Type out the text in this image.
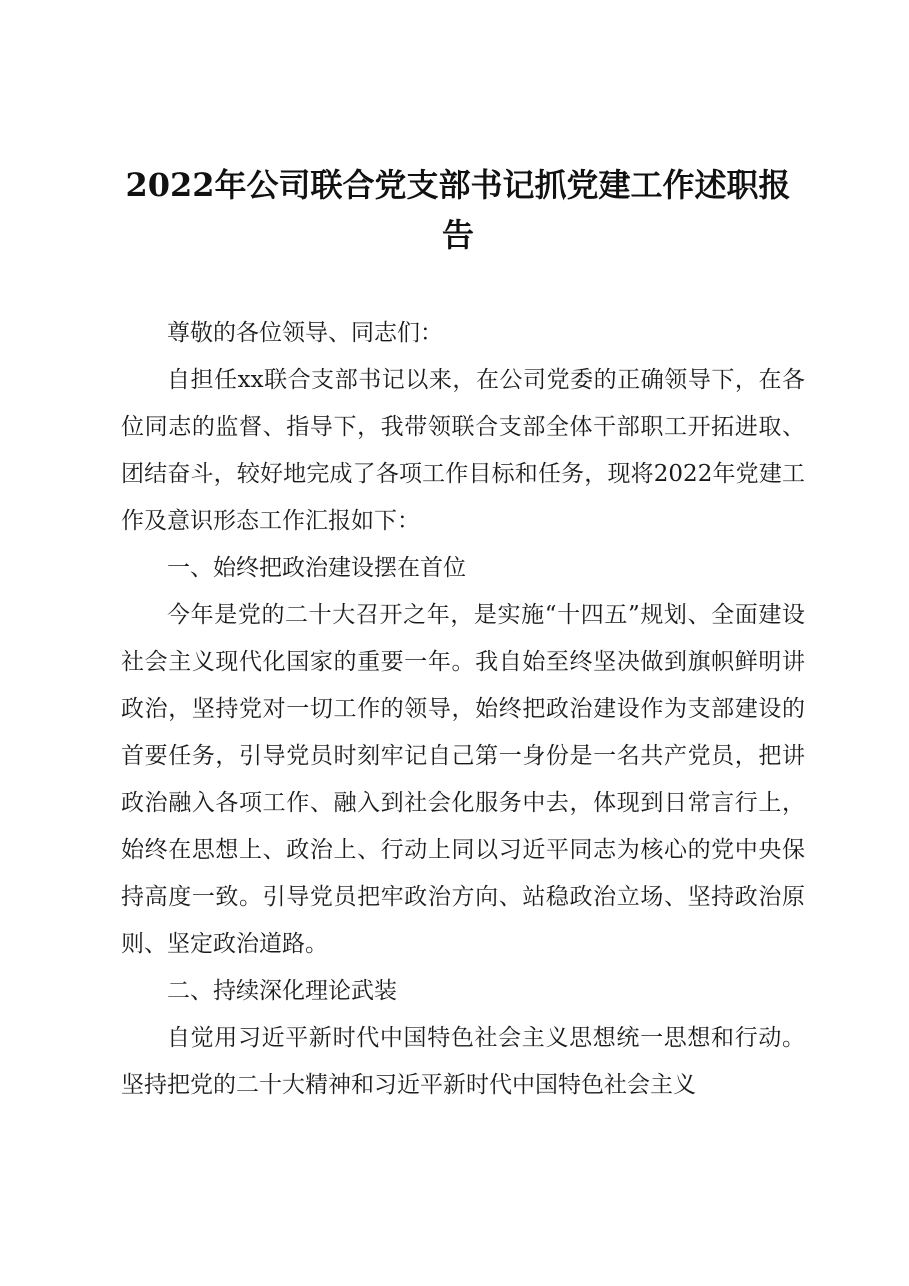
2022年公司联合党支部书记抓党建工作述职报告

尊敬的各位领导、同志们：

自担任xx联合支部书记以来，在公司党委的正确领导下，在各位同志的监督、指导下，我带领联合支部全体干部职工开拓进取、团结奋斗，较好地完成了各项工作目标和任务，现将2022年党建工作及意识形态工作汇报如下：

一、始终把政治建设摆在首位

今年是党的二十大召开之年，是实施“十四五”规划、全面建设社会主义现代化国家的重要一年。我自始至终坚决做到旗帜鲜明讲政治，坚持党对一切工作的领导，始终把政治建设作为支部建设的首要任务，引导党员时刻牢记自己第一身份是一名共产党员，把讲政治融入各项工作、融入到社会化服务中去，体现到日常言行上，始终在思想上、政治上、行动上同以习近平同志为核心的党中央保持高度一致。引导党员把牢政治方向、站稳政治立场、坚持政治原则、坚定政治道路。

二、持续深化理论武装

自觉用习近平新时代中国特色社会主义思想统一思想和行动。坚持把党的二十大精神和习近平新时代中国特色社会主义
